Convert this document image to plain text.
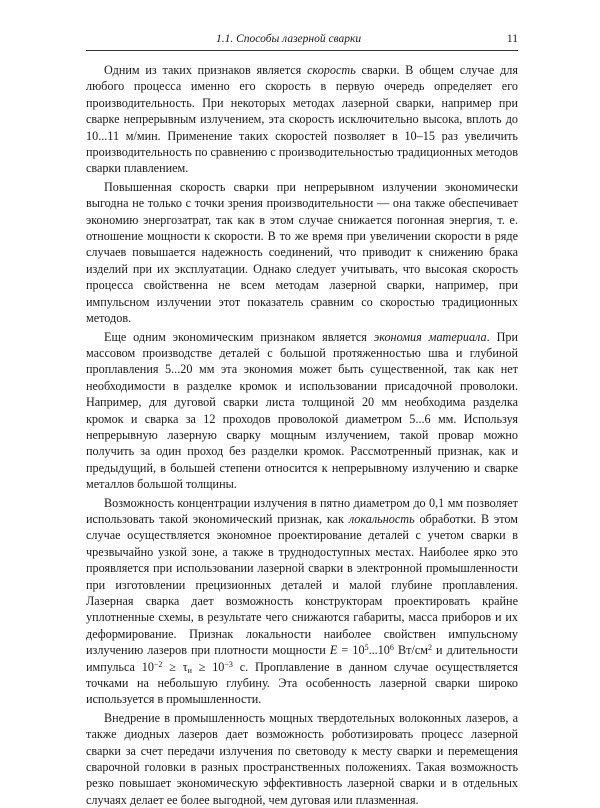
1.1. Способы лазерной сварки	11

Одним из таких признаков является скорость сварки. В общем случае для любого процесса именно его скорость в первую очередь определяет его производительность. При некоторых методах лазерной сварки, например при сварке непрерывным излучением, эта скорость исключительно высока, вплоть до 10...11 м/мин. Применение таких скоростей позволяет в 10–15 раз увеличить производительность по сравнению с производительностью традиционных методов сварки плавлением.

Повышенная скорость сварки при непрерывном излучении экономически выгодна не только с точки зрения производительности — она также обеспечивает экономию энергозатрат, так как в этом случае снижается погонная энергия, т. е. отношение мощности к скорости. В то же время при увеличении скорости в ряде случаев повышается надежность соединений, что приводит к снижению брака изделий при их эксплуатации. Однако следует учитывать, что высокая скорость процесса свойственна не всем методам лазерной сварки, например, при импульсном излучении этот показатель сравним со скоростью традиционных методов.

Еще одним экономическим признаком является экономия материала. При массовом производстве деталей с большой протяженностью шва и глубиной проплавления 5...20 мм эта экономия может быть существенной, так как нет необходимости в разделке кромок и использовании присадочной проволоки. Например, для дуговой сварки листа толщиной 20 мм необходима разделка кромок и сварка за 12 проходов проволокой диаметром 5...6 мм. Используя непрерывную лазерную сварку мощным излучением, такой провар можно получить за один проход без разделки кромок. Рассмотренный признак, как и предыдущий, в большей степени относится к непрерывному излучению и сварке металлов большой толщины.

Возможность концентрации излучения в пятно диаметром до 0,1 мм позволяет использовать такой экономический признак, как локальность обработки. В этом случае осуществляется экономное проектирование деталей с учетом сварки в чрезвычайно узкой зоне, а также в труднодоступных местах. Наиболее ярко это проявляется при использовании лазерной сварки в электронной промышленности при изготовлении прецизионных деталей и малой глубине проплавления. Лазерная сварка дает возможность конструкторам проектировать крайне уплотненные схемы, в результате чего снижаются габариты, масса приборов и их деформирование. Признак локальности наиболее свойствен импульсному излучению лазеров при плотности мощности $E = 10^5...10^6$ $Вт/см^2$ и длительности импульса $10^{-2} \ge \tau_и \ge 10^{-3}$ с. Проплавление в данном случае осуществляется точками на небольшую глубину. Эта особенность лазерной сварки широко используется в промышленности.

Внедрение в промышленность мощных твердотельных волоконных лазеров, а также диодных лазеров дает возможность роботизировать процесс лазерной сварки за счет передачи излучения по световоду к месту сварки и перемещения сварочной головки в разных пространственных положениях. Такая возможность резко повышает экономическую эффективность лазерной сварки и в отдельных случаях делает ее более выгодной, чем дуговая или плазменная.
